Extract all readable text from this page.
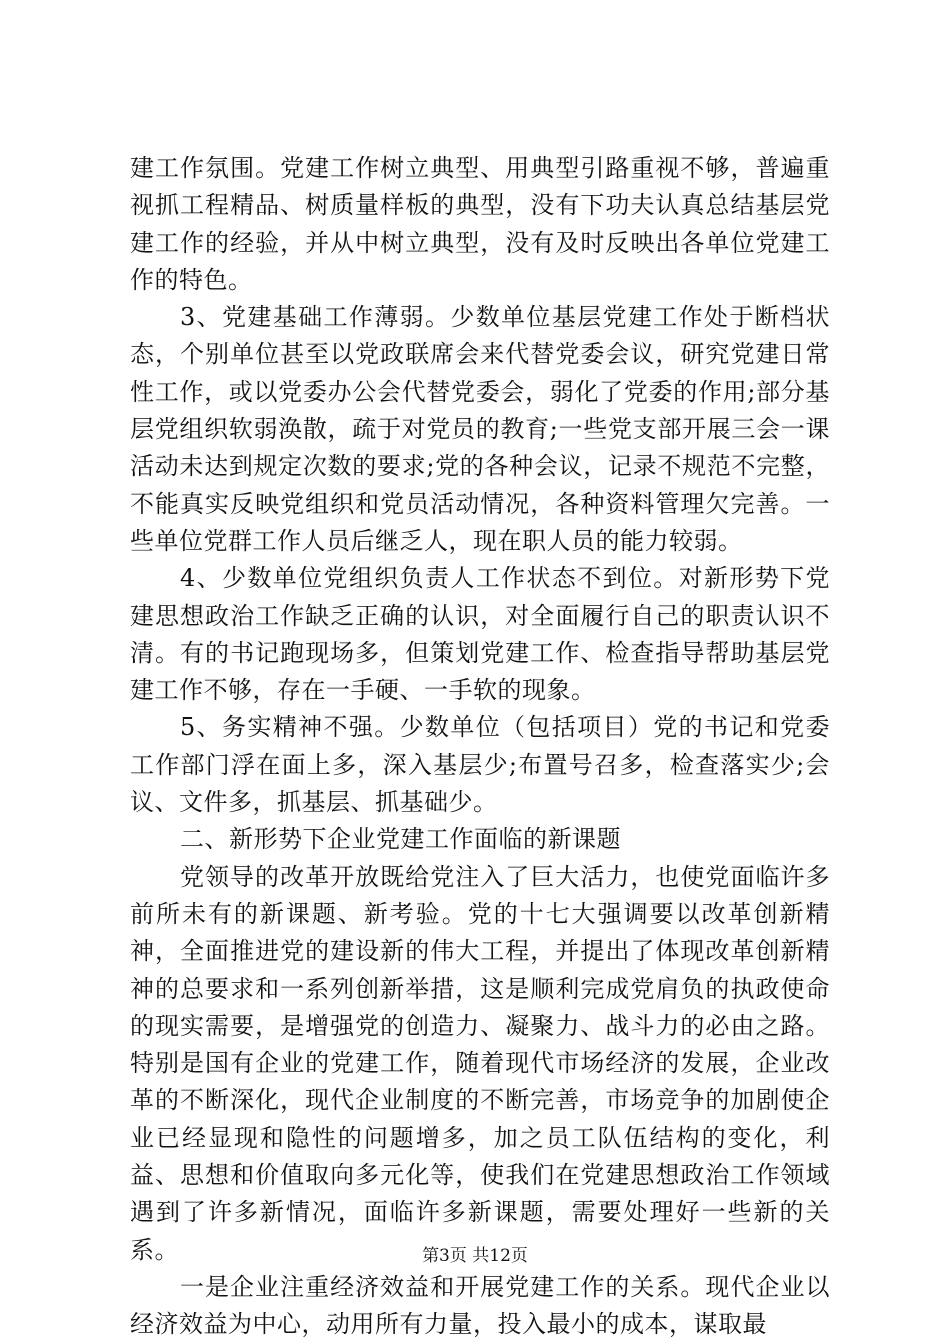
建工作氛围。党建工作树立典型、用典型引路重视不够，普遍重视抓工程精品、树质量样板的典型，没有下功夫认真总结基层党建工作的经验，并从中树立典型，没有及时反映出各单位党建工作的特色。

3、党建基础工作薄弱。少数单位基层党建工作处于断档状态，个别单位甚至以党政联席会来代替党委会议，研究党建日常性工作，或以党委办公会代替党委会，弱化了党委的作用;部分基层党组织软弱涣散，疏于对党员的教育;一些党支部开展三会一课活动未达到规定次数的要求;党的各种会议，记录不规范不完整，不能真实反映党组织和党员活动情况，各种资料管理欠完善。一些单位党群工作人员后继乏人，现在职人员的能力较弱。

4、少数单位党组织负责人工作状态不到位。对新形势下党建思想政治工作缺乏正确的认识，对全面履行自己的职责认识不清。有的书记跑现场多，但策划党建工作、检查指导帮助基层党建工作不够，存在一手硬、一手软的现象。

5、务实精神不强。少数单位（包括项目）党的书记和党委工作部门浮在面上多，深入基层少;布置号召多，检查落实少;会议、文件多，抓基层、抓基础少。

二、新形势下企业党建工作面临的新课题

党领导的改革开放既给党注入了巨大活力，也使党面临许多前所未有的新课题、新考验。党的十七大强调要以改革创新精神，全面推进党的建设新的伟大工程，并提出了体现改革创新精神的总要求和一系列创新举措，这是顺利完成党肩负的执政使命的现实需要，是增强党的创造力、凝聚力、战斗力的必由之路。特别是国有企业的党建工作，随着现代市场经济的发展，企业改革的不断深化，现代企业制度的不断完善，市场竞争的加剧使企业已经显现和隐性的问题增多，加之员工队伍结构的变化，利益、思想和价值取向多元化等，使我们在党建思想政治工作领域遇到了许多新情况，面临许多新课题，需要处理好一些新的关系。

一是企业注重经济效益和开展党建工作的关系。现代企业以经济效益为中心，动用所有力量，投入最小的成本，谋取最

第3页 共12页
